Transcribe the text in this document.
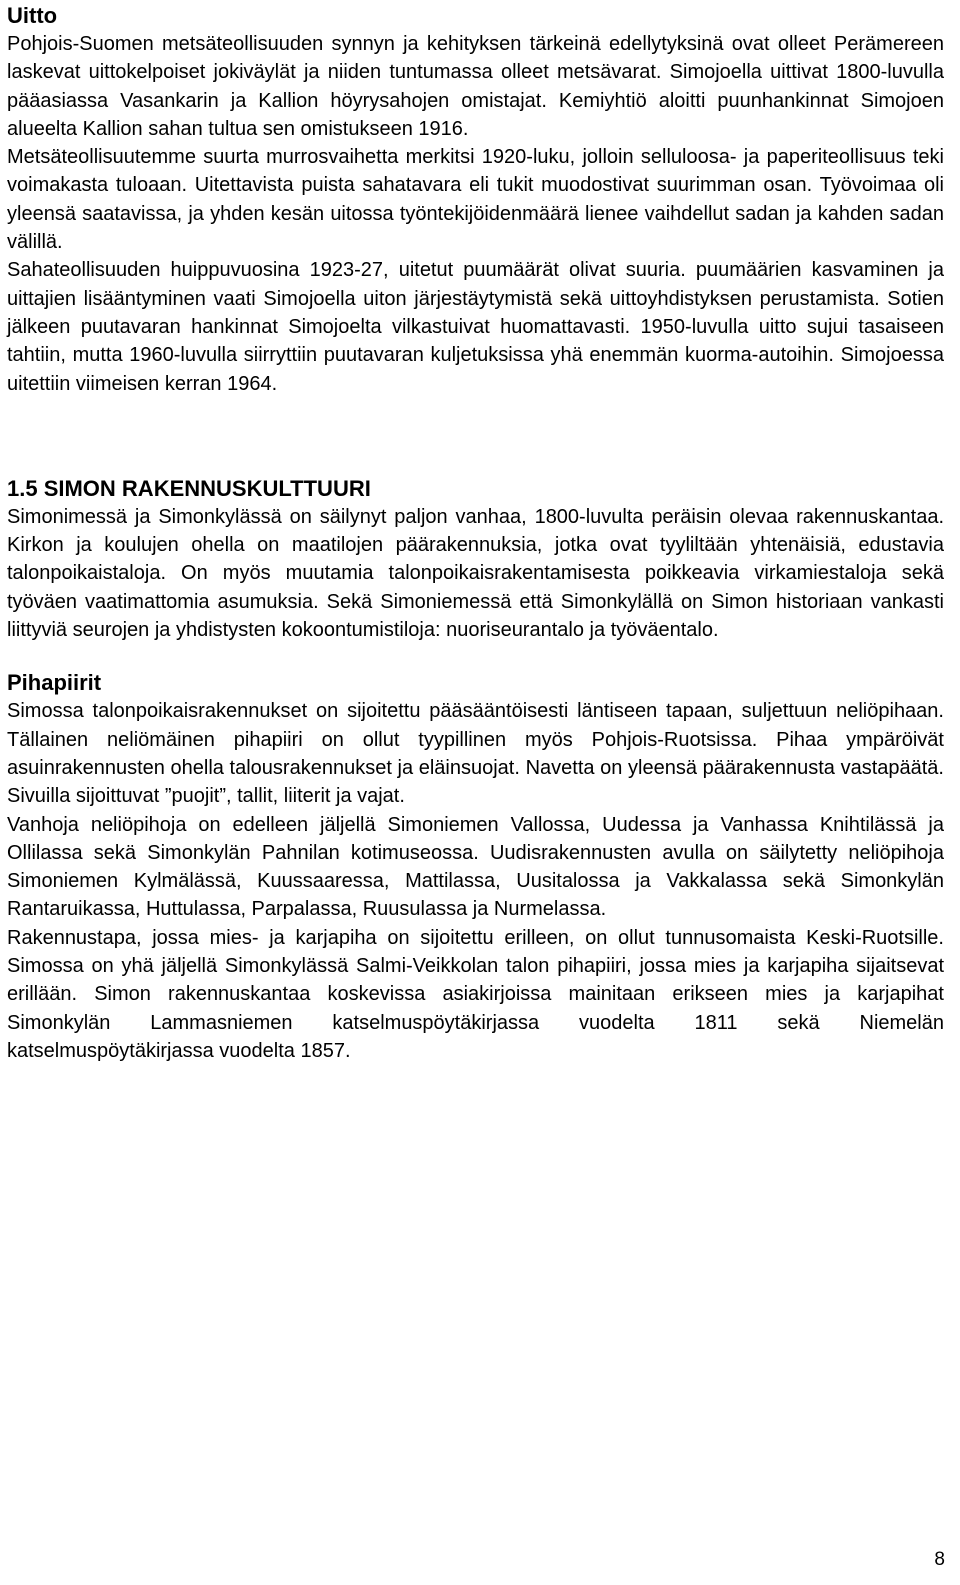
Uitto

Pohjois-Suomen metsäteollisuuden synnyn ja kehityksen tärkeinä edellytyksinä ovat olleet Perämereen laskevat uittokelpoiset jokiväylät ja niiden tuntumassa olleet metsävarat. Simojoella uittivat 1800-luvulla pääasiassa Vasankarin ja Kallion höyrysahojen omistajat. Kemiyhtiö aloitti puunhankinnat Simojoen alueelta Kallion sahan tultua sen omistukseen 1916.

Metsäteollisuutemme suurta murrosvaihetta merkitsi 1920-luku, jolloin selluloosa- ja paperiteollisuus teki voimakasta tuloaan. Uitettavista puista sahatavara eli tukit muodostivat suurimman osan. Työvoimaa oli yleensä saatavissa, ja yhden kesän uitossa työntekijöidenmäärä lienee vaihdellut sadan ja kahden sadan välillä.

Sahateollisuuden huippuvuosina 1923-27, uitetut puumäärät olivat suuria. puumäärien kasvaminen ja uittajien lisääntyminen vaati Simojoella uiton järjestäytymistä sekä uittoyhdistyksen perustamista. Sotien jälkeen puutavaran hankinnat Simojoelta vilkastuivat huomattavasti. 1950-luvulla uitto sujui tasaiseen tahtiin, mutta 1960-luvulla siirryttiin puutavaran kuljetuksissa yhä enemmän kuorma-autoihin. Simojoessa uitettiin viimeisen kerran 1964.

1.5 SIMON RAKENNUSKULTTUURI

Simonimessä ja Simonkylässä on säilynyt paljon vanhaa, 1800-luvulta peräisin olevaa rakennuskantaa. Kirkon ja koulujen ohella on maatilojen päärakennuksia, jotka ovat tyyliltään yhtenäisiä, edustavia talonpoikaistaloja. On myös muutamia talonpoikaisrakentamisesta poikkeavia virkamiestaloja sekä työväen vaatimattomia asumuksia. Sekä Simoniemessä että Simonkylällä on Simon historiaan vankasti liittyviä seurojen ja yhdistysten kokoontumistiloja: nuoriseurantalo ja työväentalo.

Pihapiirit

Simossa talonpoikaisrakennukset on sijoitettu pääsääntöisesti läntiseen tapaan, suljettuun neliöpihaan. Tällainen neliömäinen pihapiiri on ollut tyypillinen myös Pohjois-Ruotsissa. Pihaa ympäröivät asuinrakennusten ohella talousrakennukset ja eläinsuojat. Navetta on yleensä päärakennusta vastapäätä. Sivuilla sijoittuvat ”puojit”, tallit, liiterit ja vajat.

Vanhoja neliöpihoja on edelleen jäljellä Simoniemen Vallossa, Uudessa ja Vanhassa Knihtilässä ja Ollilassa sekä Simonkylän Pahnilan kotimuseossa. Uudisrakennusten avulla on säilytetty neliöpihoja Simoniemen Kylmälässä, Kuussaaressa, Mattilassa, Uusitalossa ja Vakkalassa sekä Simonkylän Rantaruikassa, Huttulassa, Parpalassa, Ruusulassa ja Nurmelassa.

Rakennustapa, jossa mies- ja karjapiha on sijoitettu erilleen, on ollut tunnusomaista Keski-Ruotsille. Simossa on yhä jäljellä Simonkylässä Salmi-Veikkolan talon pihapiiri, jossa mies ja karjapiha sijaitsevat erillään. Simon rakennuskantaa koskevissa asiakirjoissa mainitaan erikseen mies ja karjapihat Simonkylän Lammasniemen katselmuspöytäkirjassa vuodelta 1811 sekä Niemelän katselmuspöytäkirjassa vuodelta 1857.

8
